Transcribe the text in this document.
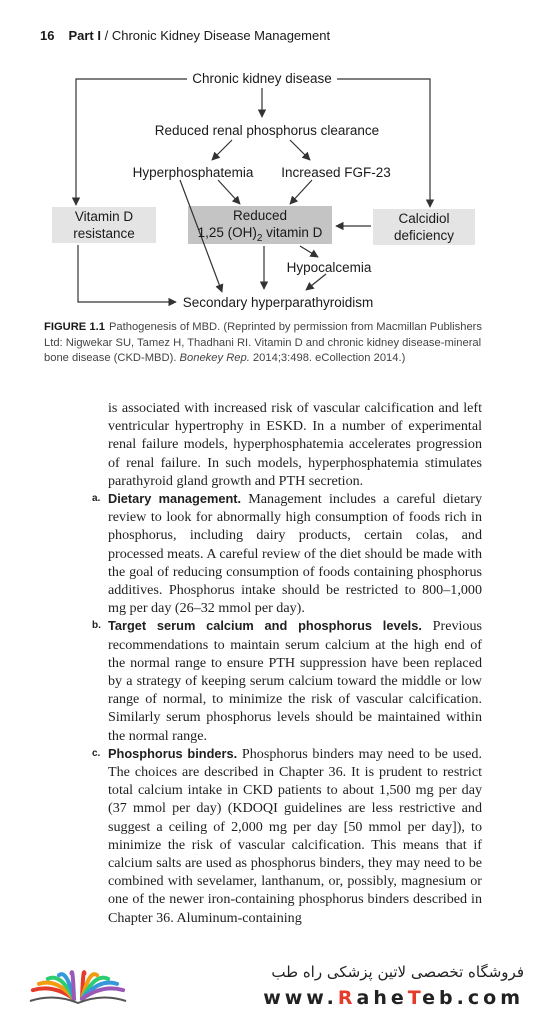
16 Part I / Chronic Kidney Disease Management
Chronic kidney disease
Reduced renal phosphorus clearance
Hyperphosphatemia Increased FGF-23
Vitamin D
resistance
Reduced
1,25 $(OH)_2$ vitamin D
Calcidiol
deficiency
Hypocalcemia
Secondary hyperparathyroidism
FIGURE 1.1 Pathogenesis of MBD. (Reprinted by permission from Macmillan Publishers Ltd: Nigwekar SU, Tamez H, Thadhani RI. Vitamin D and chronic kidney disease-mineral bone disease (CKD-MBD). Bonekey Rep. 2014;3:498. eCollection 2014.)

is associated with increased risk of vascular calcification and left ventricular hypertrophy in ESKD. In a number of experimental renal failure models, hyperphosphatemia accelerates progression of renal failure. In such models, hyperphosphatemia stimulates parathyroid gland growth and PTH secretion.

a. Dietary management. Management includes a careful dietary review to look for abnormally high consumption of foods rich in phosphorus, including dairy products, certain colas, and processed meats. A careful review of the diet should be made with the goal of reducing consumption of foods containing phosphorus additives. Phosphorus intake should be restricted to 800–1,000 mg per day (26–32 mmol per day).
b. Target serum calcium and phosphorus levels. Previous recommendations to maintain serum calcium at the high end of the normal range to ensure PTH suppression have been replaced by a strategy of keeping serum calcium toward the middle or low range of normal, to minimize the risk of vascular calcification. Similarly serum phosphorus levels should be maintained within the normal range.
c. Phosphorus binders. Phosphorus binders may need to be used. The choices are described in Chapter 36. It is prudent to restrict total calcium intake in CKD patients to about 1,500 mg per day (37 mmol per day) (KDOQI guidelines are less restrictive and suggest a ceiling of 2,000 mg per day [50 mmol per day]), to minimize the risk of vascular calcification. This means that if calcium salts are used as phosphorus binders, they may need to be combined with sevelamer, lanthanum, or, possibly, magnesium or one of the newer iron-containing phosphorus binders described in Chapter 36. Aluminum-containing
فروشگاه تخصصی لاتین پزشکی راه طب
www.RaheTeb.com
